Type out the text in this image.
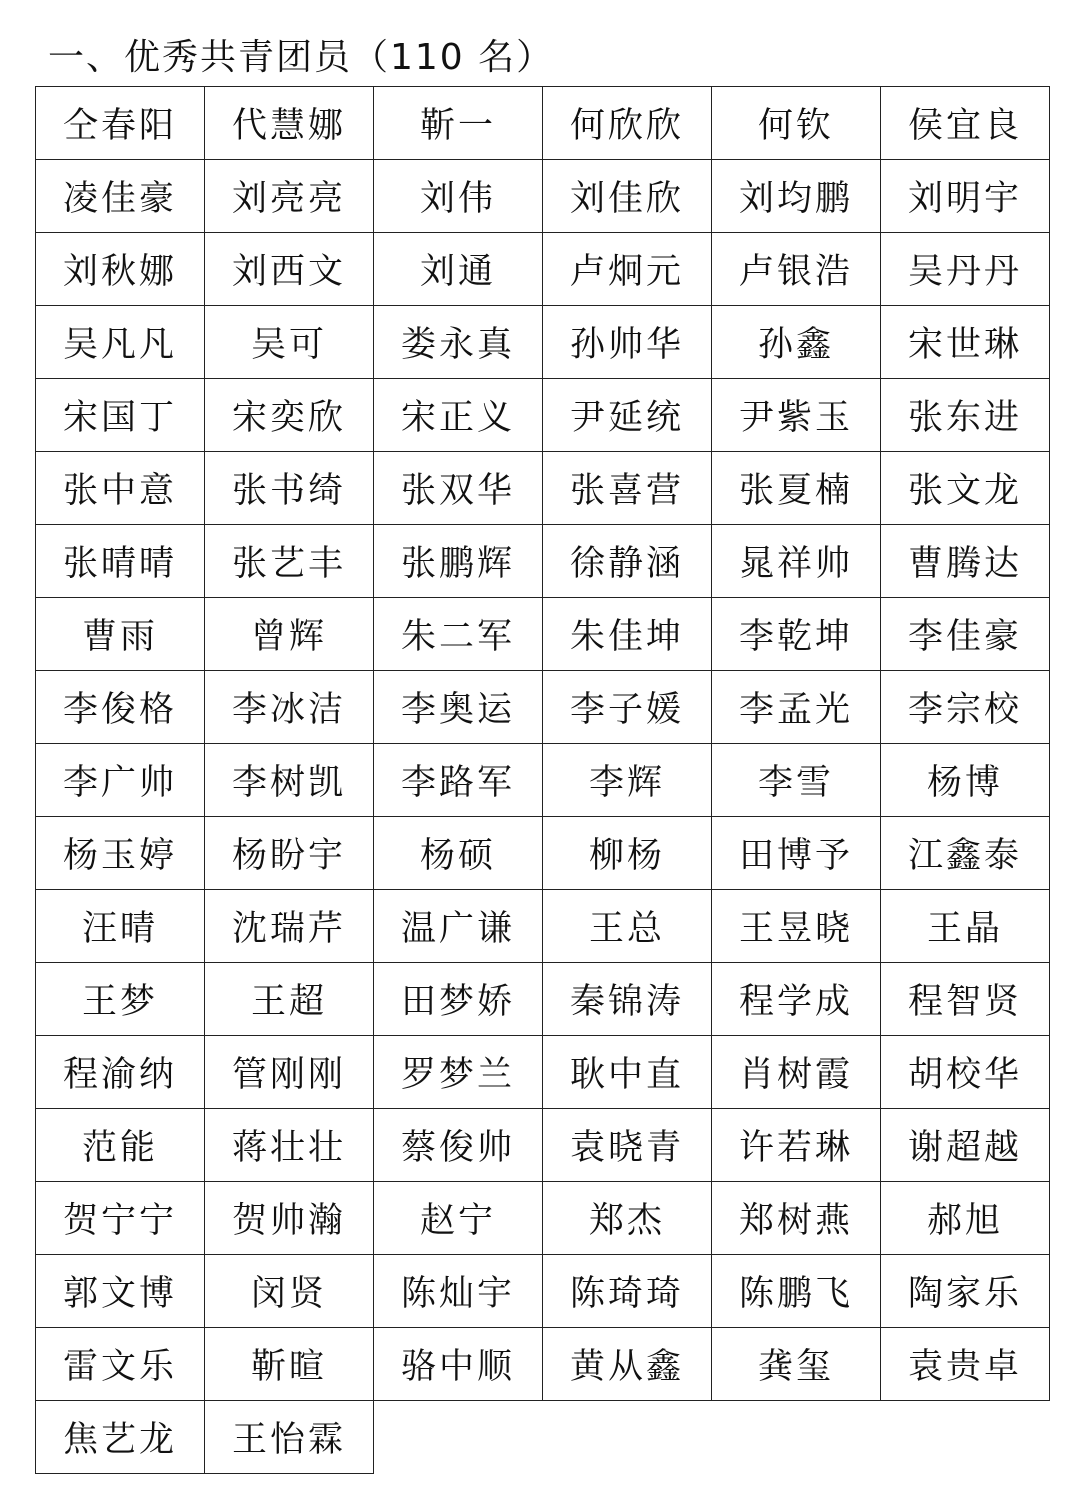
一、优秀共青团员（110 名）
仝春阳	代慧娜	靳一	何欣欣	何钦	侯宜良
凌佳豪	刘亮亮	刘伟	刘佳欣	刘均鹏	刘明宇
刘秋娜	刘西文	刘通	卢炯元	卢银浩	吴丹丹
吴凡凡	吴可	娄永真	孙帅华	孙鑫	宋世琳
宋国丁	宋奕欣	宋正义	尹延统	尹紫玉	张东进
张中意	张书绮	张双华	张喜营	张夏楠	张文龙
张晴晴	张艺丰	张鹏辉	徐静涵	晁祥帅	曹腾达
曹雨	曾辉	朱二军	朱佳坤	李乾坤	李佳豪
李俊格	李冰洁	李奥运	李子媛	李孟光	李宗校
李广帅	李树凯	李路军	李辉	李雪	杨博
杨玉婷	杨盼宇	杨硕	柳杨	田博予	江鑫泰
汪晴	沈瑞芹	温广谦	王总	王昱晓	王晶
王梦	王超	田梦娇	秦锦涛	程学成	程智贤
程渝纳	管刚刚	罗梦兰	耿中直	肖树霞	胡校华
范能	蒋壮壮	蔡俊帅	袁晓青	许若琳	谢超越
贺宁宁	贺帅瀚	赵宁	郑杰	郑树燕	郝旭
郭文博	闵贤	陈灿宇	陈琦琦	陈鹏飞	陶家乐
雷文乐	靳暄	骆中顺	黄从鑫	龚玺	袁贵卓
焦艺龙	王怡霖				
